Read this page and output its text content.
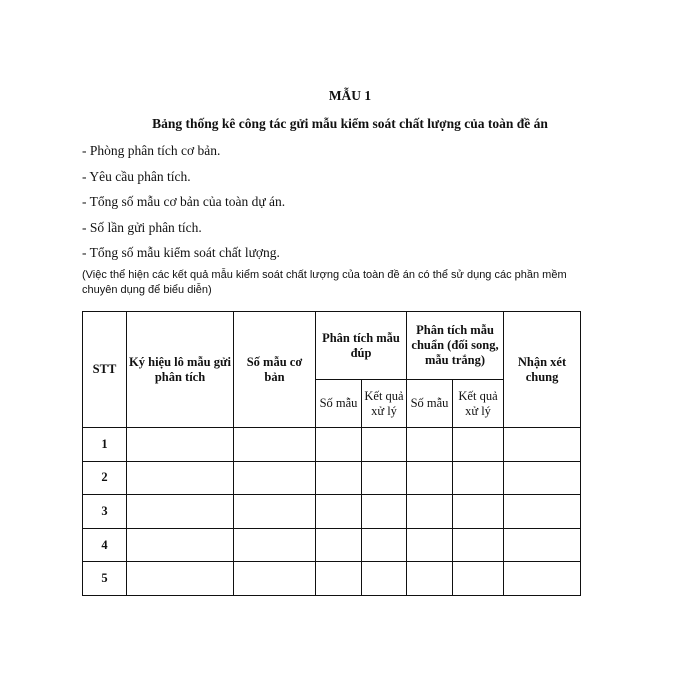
MẪU 1
Bảng thống kê công tác gửi mẫu kiểm soát chất lượng của toàn đề án
- Phòng phân tích cơ bản.
- Yêu cầu phân tích.
- Tổng số mẫu cơ bản của toàn dự án.
- Số lần gửi phân tích.
- Tổng số mẫu kiểm soát chất lượng.
(Việc thể hiện các kết quả mẫu kiểm soát chất lượng của toàn đề án có thể sử dụng các phần mềm chuyên dụng để biểu diễn)
STT	Ký hiệu lô mẫu gửi phân tích	Số mẫu cơ bản	Phân tích mẫu đúp		Phân tích mẫu chuẩn (đối song, mẫu trắng)		Nhận xét chung
			Số mẫu	Kết quả xử lý	Số mẫu	Kết quả xử lý	
1							
2							
3							
4							
5							
